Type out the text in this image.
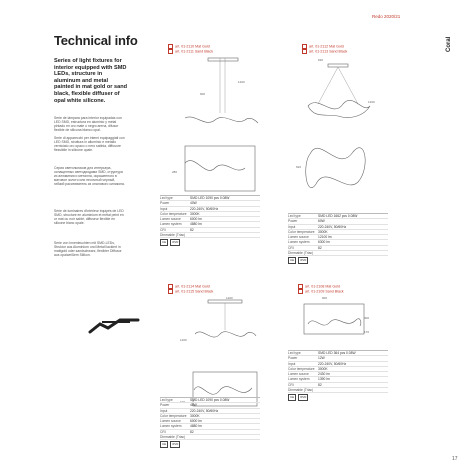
Redo 2020/21
Coral
Technical info
Series of light fixtures for interior equipped with SMD LEDs, structure in aluminum and metal painted in mat gold or sand black, flexible diffuser of opal white silicone.
Serie de lámpara para interior equipadas con LED SMD, estructura en aluminio y metal pintado en oro mate o negro arena, difusor flexible de silicona blanco opal.
Serie di apparecchi per interni equipaggiati con LED SMD, struttura in alluminio e metallo verniciato oro opaco o nero sabbia, diffusore flessibile in silicone opale.
Серия светильников для интерьера, оснащенных светодиодами SMD, структура из алюминия и металла, окрашенного в матовое золото или песочный черный, гибкий рассеиватель из опалового силикона.
Série de luminaires d'intérieur équipés de LED SMD, structure en aluminium et métal peint en or mat ou noir sablé, diffuseur flexible en silicone blanc opale.
Serie von Innenleuchten mit SMD-LEDs, Struktur aus Aluminium und Metall lackiert in mattgold oder sandschwarz, flexibler Diffusor aus opalweißem Silikon.
art. 01-2110 Mat Gold
art. 01-2111 Sand Black
600
1200
280
Led type	SMD LED 1090 pcs 0.08W
Power	40W
Input	220-240V, 50/60Hz
Color temperature	3000K
Lumen source	6000 lm
Lumen system	4880 lm
CRI	82
Dimmable (Triac)
CE	IP20
art. 01-2112 Mat Gold
art. 01-2113 Sand Black
620
1200
620
Led type	SMD LED 1662 pcs 0.08W
Power	60W
Input	220-240V, 50/60Hz
Color temperature	3000K
Lumen source	12100 lm
Lumen system	6300 lm
CRI	82
Dimmable (Triac)
CE	IP20
art. 01-2114 Mat Gold
art. 01-2115 Sand Black
1200
1200
100
Led type	SMD LED 1090 pcs 0.08W
Power	40W
Input	220-240V, 50/60Hz
Color temperature	3000K
Lumen source	6000 lm
Lumen system	4880 lm
CRI	82
Dimmable (Triac)
CE	IP20
art. 01-2108 Mat Gold
art. 01-2109 Sand Black
600
300
170
Led type	SMD LED 364 pcs 0.08W
Power	12W
Input	220-240V, 50/60Hz
Color temperature	3000K
Lumen source	2430 lm
Lumen system	1390 lm
CRI	82
Dimmable (Triac)
CE	IP20
17
